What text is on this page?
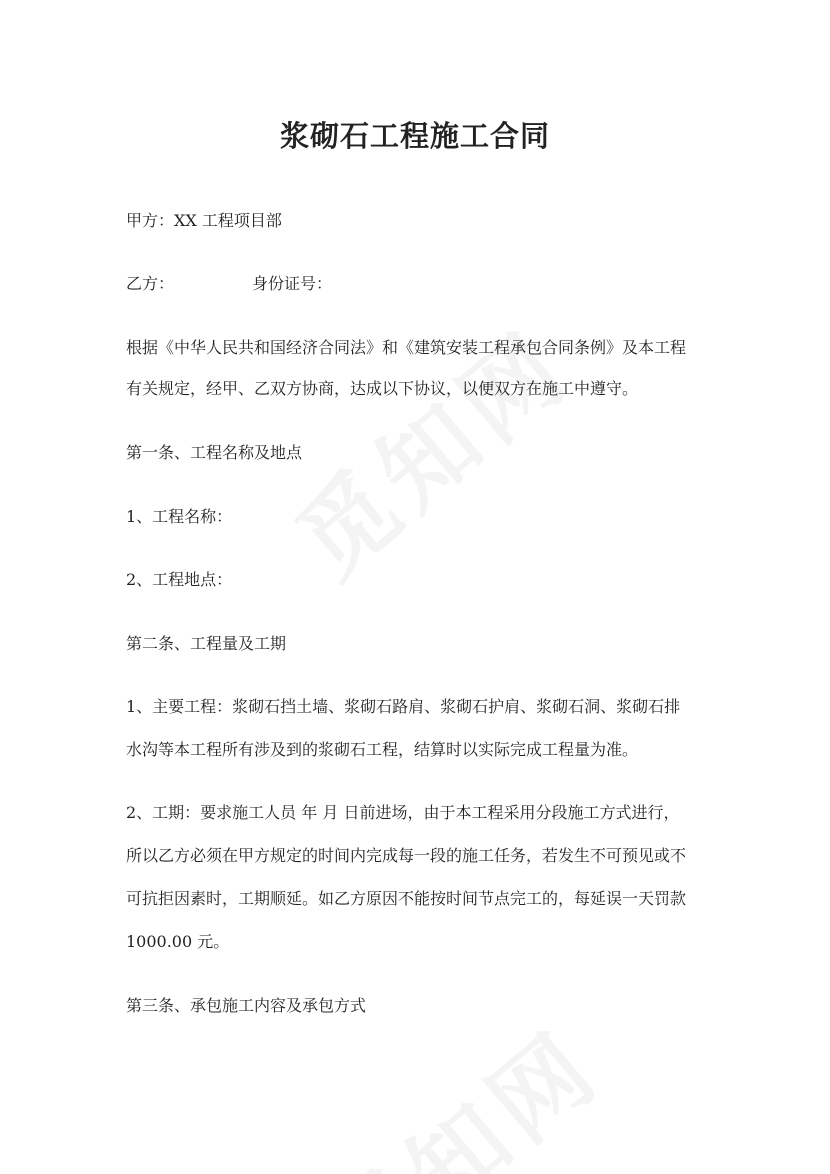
浆砌石工程施工合同

甲方：XX 工程项目部

乙方：	身份证号：

根据《中华人民共和国经济合同法》和《建筑安装工程承包合同条例》及本工程

有关规定，经甲、乙双方协商，达成以下协议，以便双方在施工中遵守。

第一条、工程名称及地点

1、工程名称：

2、工程地点：

第二条、工程量及工期

1、主要工程：浆砌石挡土墙、浆砌石路肩、浆砌石护肩、浆砌石洞、浆砌石排

水沟等本工程所有涉及到的浆砌石工程，结算时以实际完成工程量为准。

2、工期：要求施工人员 年 月 日前进场，由于本工程采用分段施工方式进行，

所以乙方必须在甲方规定的时间内完成每一段的施工任务，若发生不可预见或不

可抗拒因素时，工期顺延。如乙方原因不能按时间节点完工的，每延误一天罚款

1000.00 元。

第三条、承包施工内容及承包方式
